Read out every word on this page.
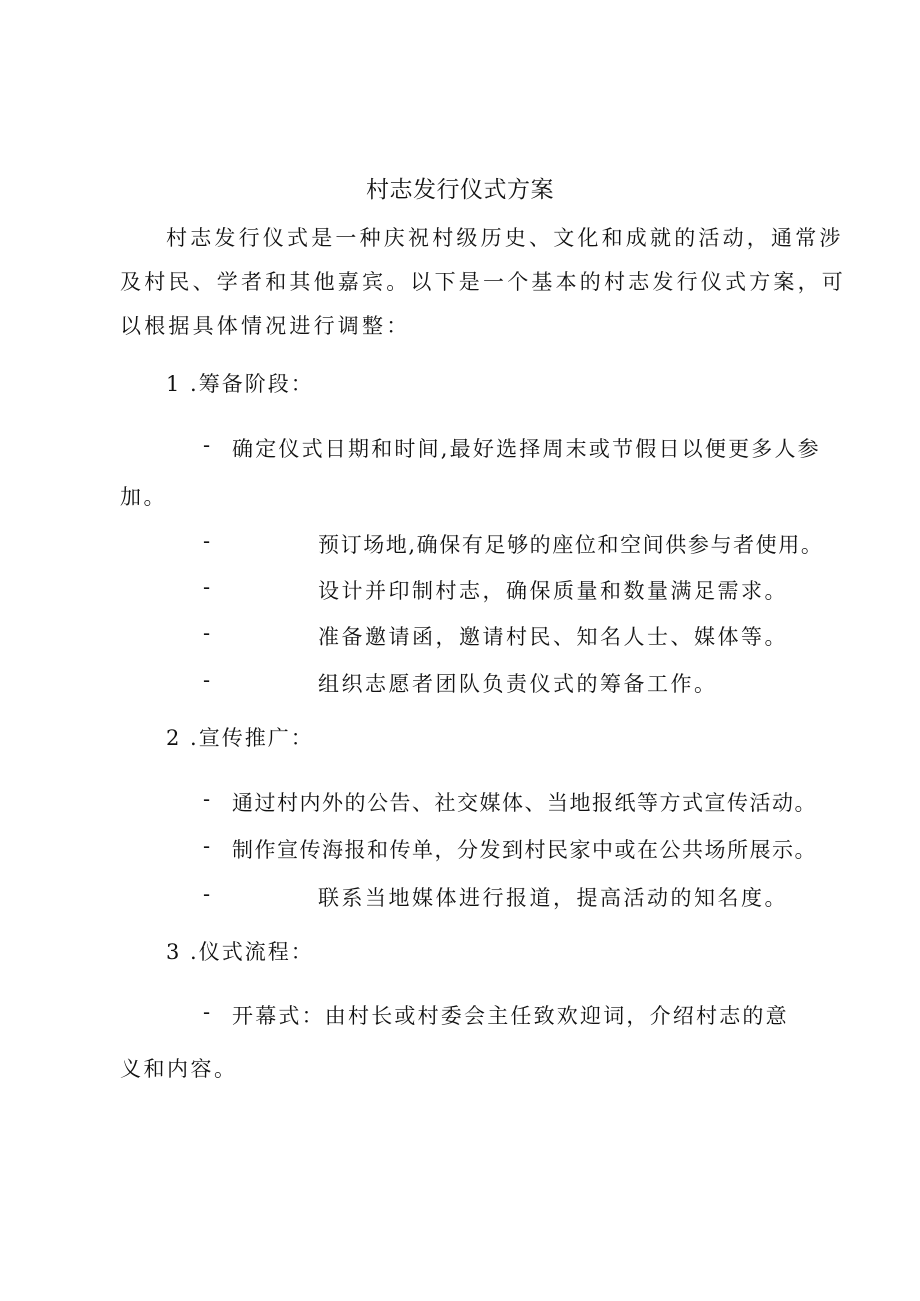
村志发行仪式方案

村志发行仪式是一种庆祝村级历史、文化和成就的活动，通常涉

及村民、学者和其他嘉宾。以下是一个基本的村志发行仪式方案，可

以根据具体情况进行调整：

1 .筹备阶段：
- 确定仪式日期和时间,最好选择周末或节假日以便更多人参
加。
-	预订场地,确保有足够的座位和空间供参与者使用。
-	设计并印制村志，确保质量和数量满足需求。
-	准备邀请函，邀请村民、知名人士、媒体等。
-	组织志愿者团队负责仪式的筹备工作。
2 .宣传推广：
- 通过村内外的公告、社交媒体、当地报纸等方式宣传活动。
- 制作宣传海报和传单，分发到村民家中或在公共场所展示。
-	联系当地媒体进行报道，提高活动的知名度。
3 .仪式流程：
- 开幕式：由村长或村委会主任致欢迎词，介绍村志的意
义和内容。
